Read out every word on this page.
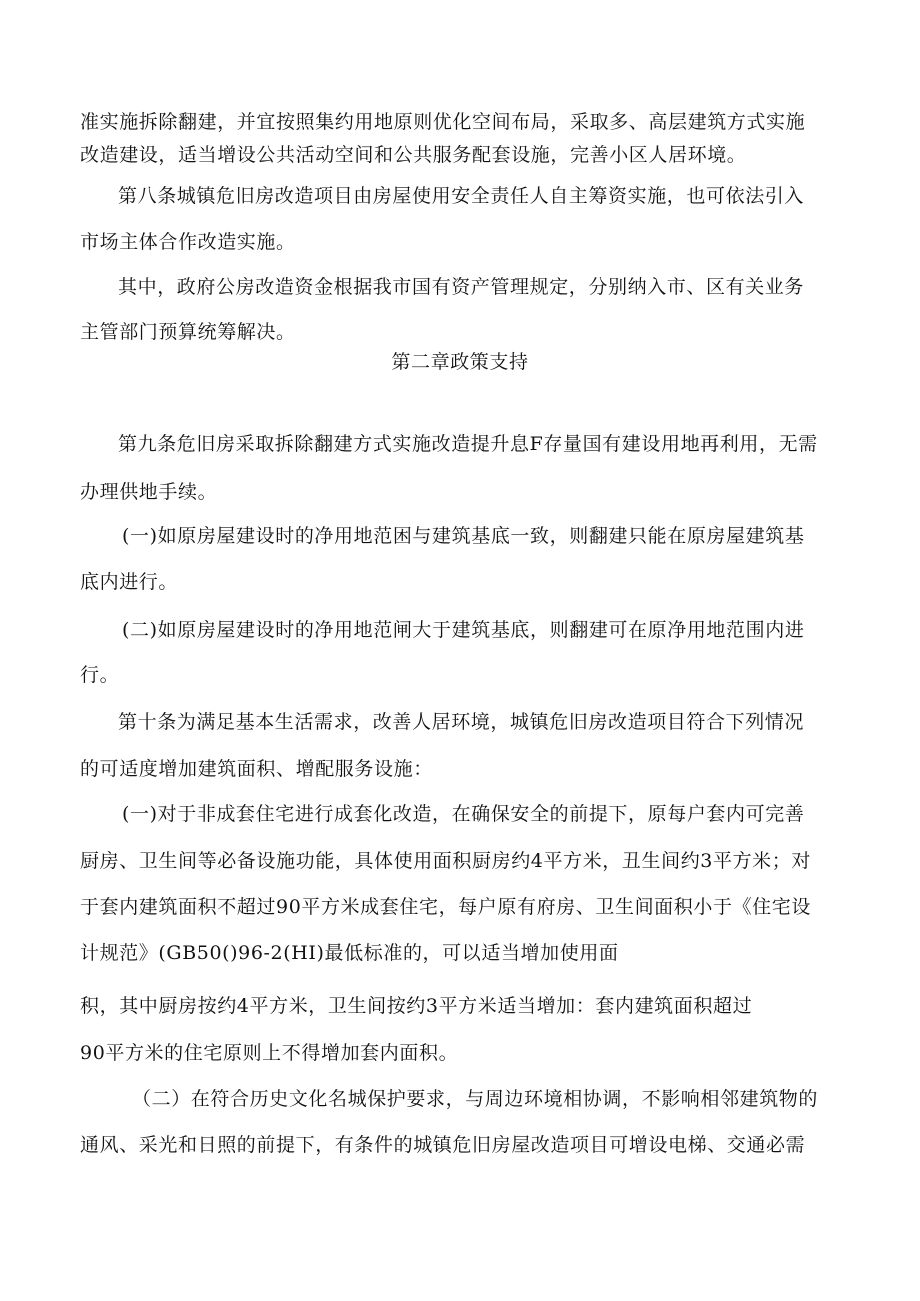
准实施拆除翻建，并宜按照集约用地原则优化空间布局，采取多、高层建筑方式实施
改造建设，适当增设公共活动空间和公共服务配套设施，完善小区人居环境。
第八条城镇危旧房改造项目由房屋使用安全责任人自主筹资实施，也可依法引入
市场主体合作改造实施。
其中，政府公房改造资金根据我市国有资产管理规定，分别纳入市、区有关业务
主管部门预算统筹解决。
第二章政策支持
第九条危旧房采取拆除翻建方式实施改造提升息F存量国有建设用地再利用，无需
办理供地手续。
(一)如原房屋建设时的净用地范困与建筑基底一致，则翻建只能在原房屋建筑基
底内进行。
(二)如原房屋建设时的净用地范闸大于建筑基底，则翻建可在原净用地范围内进
行。
第十条为满足基本生活需求，改善人居环境，城镇危旧房改造项目符合下列情况
的可适度增加建筑面积、增配服务设施：
(一)对于非成套住宅进行成套化改造，在确保安全的前提下，原每户套内可完善
厨房、卫生间等必备设施功能，具体使用面积厨房约4平方米，丑生间约3平方米；对
于套内建筑面积不超过90平方米成套住宅，每户原有府房、卫生间面积小于《住宅设
计规范》(GB50()96-2(HI)最低标准的，可以适当增加使用面
积，其中厨房按约4平方米，卫生间按约3平方米适当增加：套内建筑面积超过
90平方米的住宅原则上不得增加套内面积。
（二）在符合历史文化名城保护要求，与周边环境相协调，不影响相邻建筑物的
通风、采光和日照的前提下，有条件的城镇危旧房屋改造项目可增设电梯、交通必需
